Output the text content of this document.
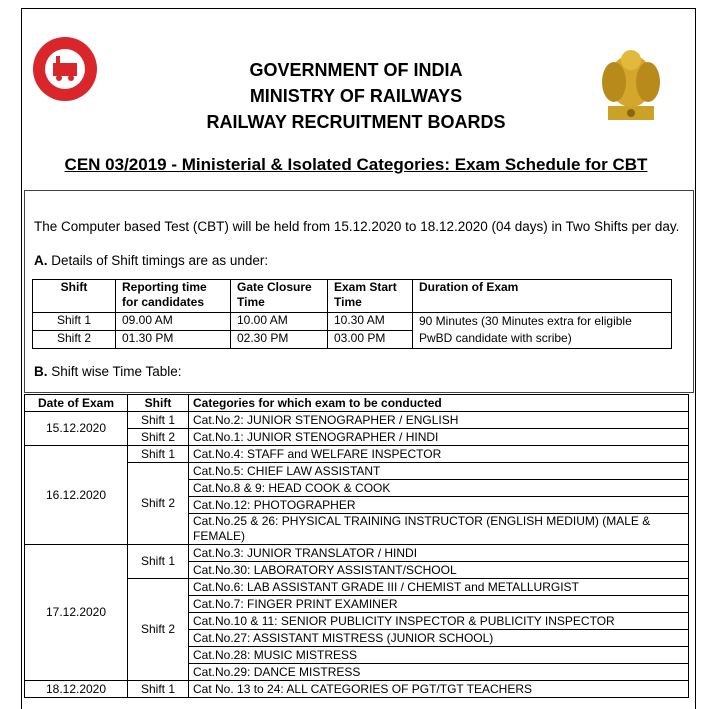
GOVERNMENT OF INDIA
MINISTRY OF RAILWAYS
RAILWAY RECRUITMENT BOARDS
CEN 03/2019 - Ministerial & Isolated Categories: Exam Schedule for CBT
The Computer based Test (CBT) will be held from 15.12.2020 to 18.12.2020 (04 days) in Two Shifts per day.
A. Details of Shift timings are as under:
Shift	Reporting time for candidates	Gate Closure Time	Exam Start Time	Duration of Exam
Shift 1	09.00 AM	10.00 AM	10.30 AM	90 Minutes (30 Minutes extra for eligible PwBD candidate with scribe)
Shift 2	01.30 PM	02.30 PM	03.00 PM	
B. Shift wise Time Table:
Date of Exam	Shift	Categories for which exam to be conducted
15.12.2020	Shift 1	Cat.No.2: JUNIOR STENOGRAPHER / ENGLISH
	Shift 2	Cat.No.1: JUNIOR STENOGRAPHER / HINDI
16.12.2020	Shift 1	Cat.No.4: STAFF and WELFARE INSPECTOR
	Shift 2	Cat.No.5: CHIEF LAW ASSISTANT
		Cat.No.8 & 9: HEAD COOK & COOK
		Cat.No.12: PHOTOGRAPHER
		Cat.No.25 & 26: PHYSICAL TRAINING INSTRUCTOR (ENGLISH MEDIUM) (MALE & FEMALE)
17.12.2020	Shift 1	Cat.No.3: JUNIOR TRANSLATOR / HINDI
		Cat.No.30: LABORATORY ASSISTANT/SCHOOL
	Shift 2	Cat.No.6: LAB ASSISTANT GRADE III / CHEMIST and METALLURGIST
		Cat.No.7: FINGER PRINT EXAMINER
		Cat.No.10 & 11: SENIOR PUBLICITY INSPECTOR & PUBLICITY INSPECTOR
		Cat.No.27: ASSISTANT MISTRESS (JUNIOR SCHOOL)
		Cat.No.28: MUSIC MISTRESS
		Cat.No.29: DANCE MISTRESS
18.12.2020	Shift 1	Cat No. 13 to 24: ALL CATEGORIES OF PGT/TGT TEACHERS
